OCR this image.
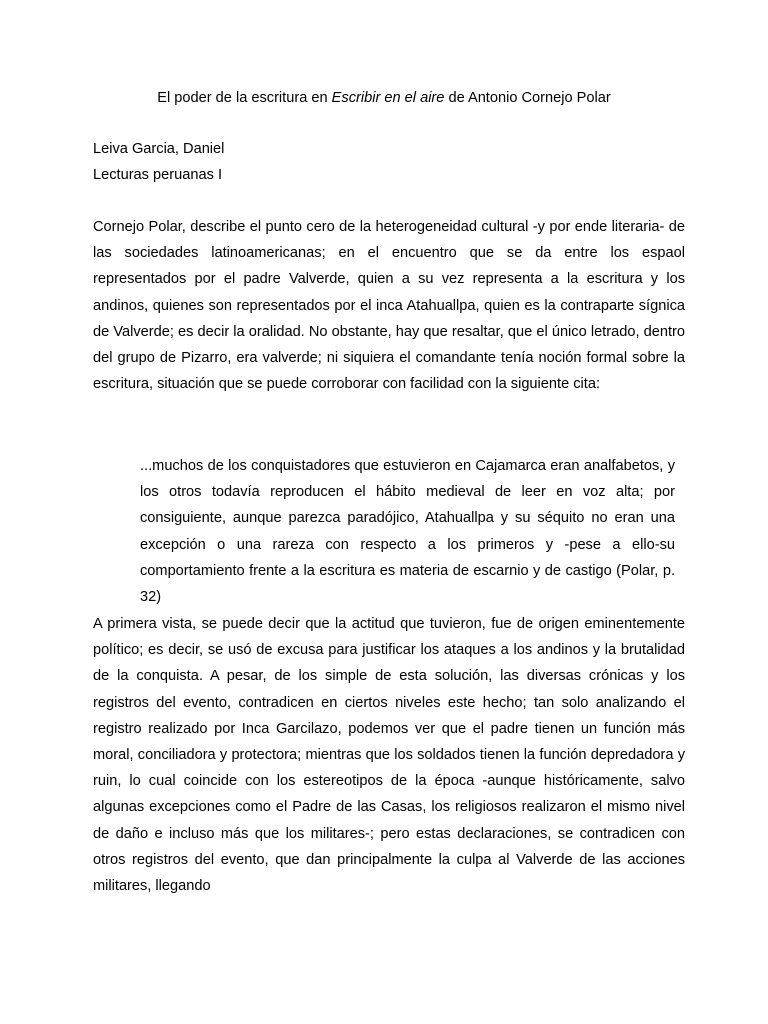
El poder de la escritura en Escribir en el aire de Antonio Cornejo Polar
Leiva Garcia, Daniel
Lecturas peruanas I

Cornejo Polar, describe el punto cero de la heterogeneidad cultural -y por ende literaria- de las sociedades latinoamericanas; en el encuentro que se da entre los espaol representados por el padre Valverde, quien a su vez representa a la escritura y los andinos, quienes son representados por el inca Atahuallpa, quien es la contraparte sígnica de Valverde; es decir la oralidad. No obstante, hay que resaltar, que el único letrado, dentro del grupo de Pizarro, era valverde; ni siquiera el comandante tenía noción formal sobre la escritura, situación que se puede corroborar con facilidad con la siguiente cita:

...muchos de los conquistadores que estuvieron en Cajamarca eran analfabetos, y los otros todavía reproducen el hábito medieval de leer en voz alta; por consiguiente, aunque parezca paradójico, Atahuallpa y su séquito no eran una excepción o una rareza con respecto a los primeros y -pese a ello-su comportamiento frente a la escritura es materia de escarnio y de castigo (Polar, p. 32)

A primera vista, se puede decir que la actitud que tuvieron, fue de origen eminentemente político; es decir, se usó de excusa para justificar los ataques a los andinos y la brutalidad de la conquista. A pesar, de los simple de esta solución, las diversas crónicas y los registros del evento, contradicen en ciertos niveles este hecho; tan solo analizando el registro realizado por Inca Garcilazo, podemos ver que el padre tienen un función más moral, conciliadora y protectora; mientras que los soldados tienen la función depredadora y ruin, lo cual coincide con los estereotipos de la época -aunque históricamente, salvo algunas excepciones como el Padre de las Casas, los religiosos realizaron el mismo nivel de daño e incluso más que los militares-; pero estas declaraciones, se contradicen con otros registros del evento, que dan principalmente la culpa al Valverde de las acciones militares, llegando
